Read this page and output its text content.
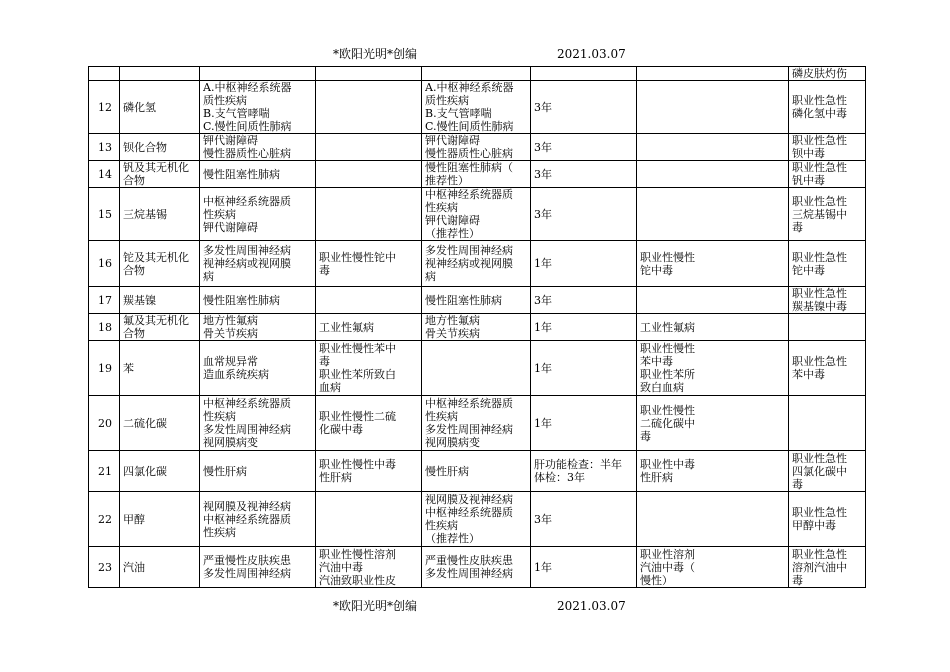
*欧阳光明*创编	2021.03.07
							磷皮肤灼伤

12	磷化氢	A.中枢神经系统器
质性疾病
B.支气管哮喘
C.慢性间质性肺病		A.中枢神经系统器
质性疾病
B.支气管哮喘
C.慢性间质性肺病	3年		职业性急性
磷化氢中毒

13	钡化合物	钾代谢障碍
慢性器质性心脏病		钾代谢障碍
慢性器质性心脏病	3年		职业性急性
钡中毒

14	钒及其无机化合物	慢性阻塞性肺病		慢性阻塞性肺病（
推荐性）	3年		职业性急性
钒中毒

15	三烷基锡	中枢神经系统器质
性疾病
钾代谢障碍		中枢神经系统器质
性疾病
钾代谢障碍
（推荐性）	3年		职业性急性
三烷基锡中
毒

16	铊及其无机化合物	多发性周围神经病
视神经病或视网膜
病	职业性慢性铊中
毒	多发性周围神经病
视神经病或视网膜
病	1年	职业性慢性
铊中毒	职业性急性
铊中毒

17	羰基镍	慢性阻塞性肺病		慢性阻塞性肺病	3年		职业性急性
羰基镍中毒

18	氟及其无机化合物	地方性氟病
骨关节疾病	工业性氟病	地方性氟病
骨关节疾病	1年	工业性氟病	

19	苯	血常规异常
造血系统疾病	职业性慢性苯中
毒
职业性苯所致白
血病		1年	职业性慢性
苯中毒
职业性苯所
致白血病	职业性急性
苯中毒

20	二硫化碳	中枢神经系统器质
性疾病
多发性周围神经病
视网膜病变	职业性慢性二硫
化碳中毒	中枢神经系统器质
性疾病
多发性周围神经病
视网膜病变	1年	职业性慢性
二硫化碳中
毒	

21	四氯化碳	慢性肝病	职业性慢性中毒
性肝病	慢性肝病	肝功能检查：半年
体检：3年	职业性中毒
性肝病	职业性急性
四氯化碳中
毒

22	甲醇	视网膜及视神经病
中枢神经系统器质
性疾病		视网膜及视神经病
中枢神经系统器质
性疾病
（推荐性）	3年		职业性急性
甲醇中毒

23	汽油	严重慢性皮肤疾患
多发性周围神经病	职业性慢性溶剂
汽油中毒
汽油致职业性皮	严重慢性皮肤疾患
多发性周围神经病	1年	职业性溶剂
汽油中毒（
慢性）	职业性急性
溶剂汽油中
毒
*欧阳光明*创编	2021.03.07
